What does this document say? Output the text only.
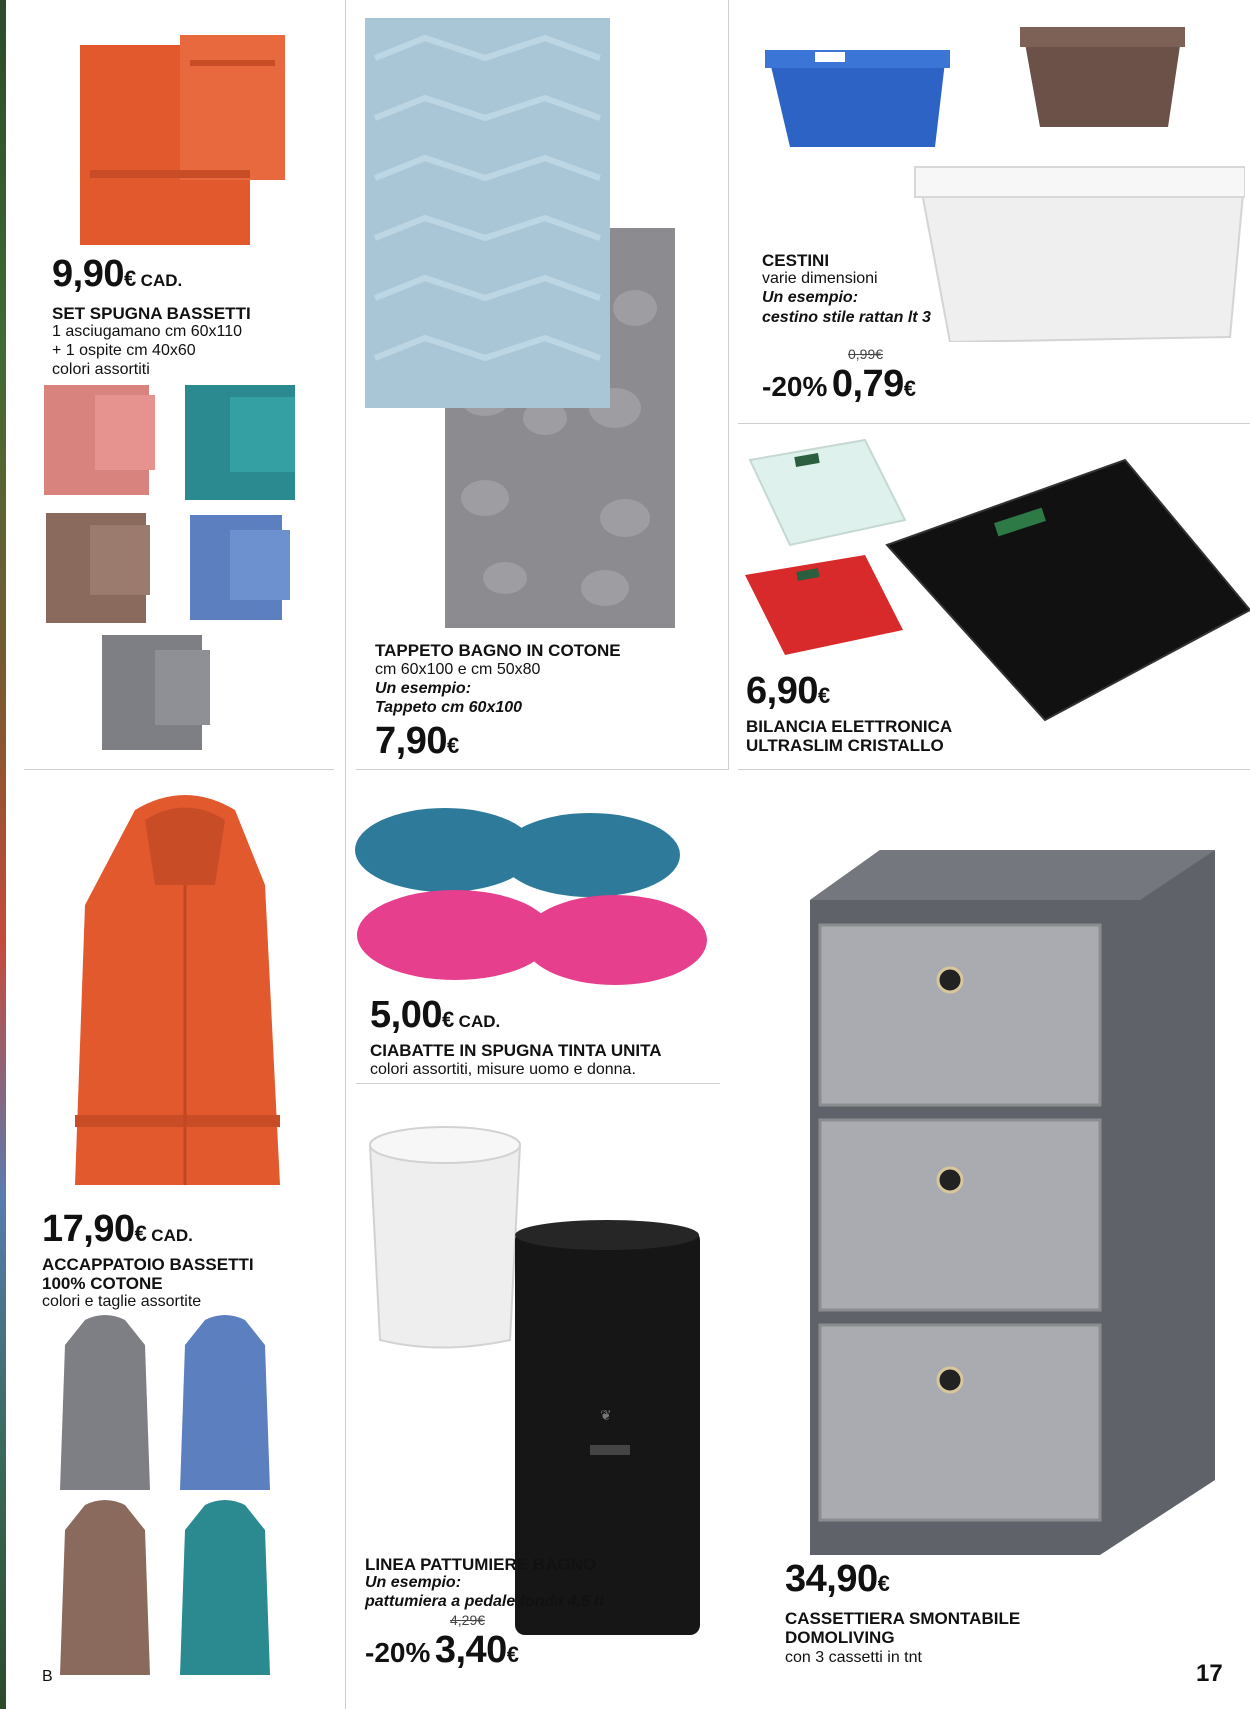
9,90€ CAD.
SET SPUGNA BASSETTI
1 asciugamano cm 60x110
+ 1 ospite cm 40x60
colori assortiti
TAPPETO BAGNO IN COTONE
cm 60x100 e cm 50x80
Un esempio:
Tappeto cm 60x100
7,90€
CESTINI
varie dimensioni
Un esempio:
cestino stile rattan lt 3
0,99€
-20% 0,79€
6,90€
BILANCIA ELETTRONICA
ULTRASLIM CRISTALLO
17,90€ CAD.
ACCAPPATOIO BASSETTI
100% COTONE
colori e taglie assortite
5,00€ CAD.
CIABATTE IN SPUGNA TINTA UNITA
colori assortiti, misure uomo e donna.
❦
LINEA PATTUMIERE BAGNO
Un esempio:
pattumiera a pedale tonda 4,5 lt
4,29€
-20% 3,40€
34,90€
CASSETTIERA SMONTABILE
DOMOLIVING
con 3 cassetti in tnt
B	17
